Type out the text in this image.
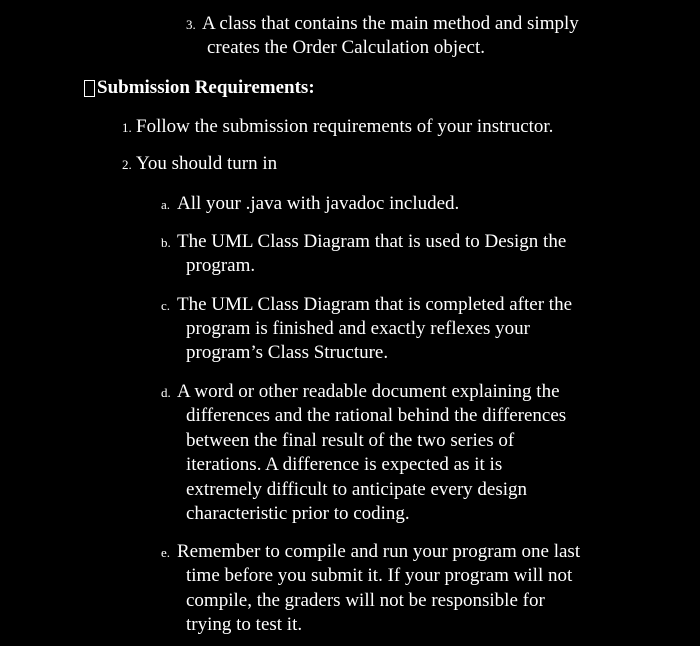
3. A class that contains the main method and simply
creates the Order Calculation object.
Submission Requirements:
1. Follow the submission requirements of your instructor.
2. You should turn in
a. All your .java with javadoc included.
b. The UML Class Diagram that is used to Design the
program.
c. The UML Class Diagram that is completed after the
program is finished and exactly reflexes your
program’s Class Structure.
d. A word or other readable document explaining the
differences and the rational behind the differences
between the final result of the two series of
iterations. A difference is expected as it is
extremely difficult to anticipate every design
characteristic prior to coding.
e. Remember to compile and run your program one last
time before you submit it. If your program will not
compile, the graders will not be responsible for
trying to test it.
